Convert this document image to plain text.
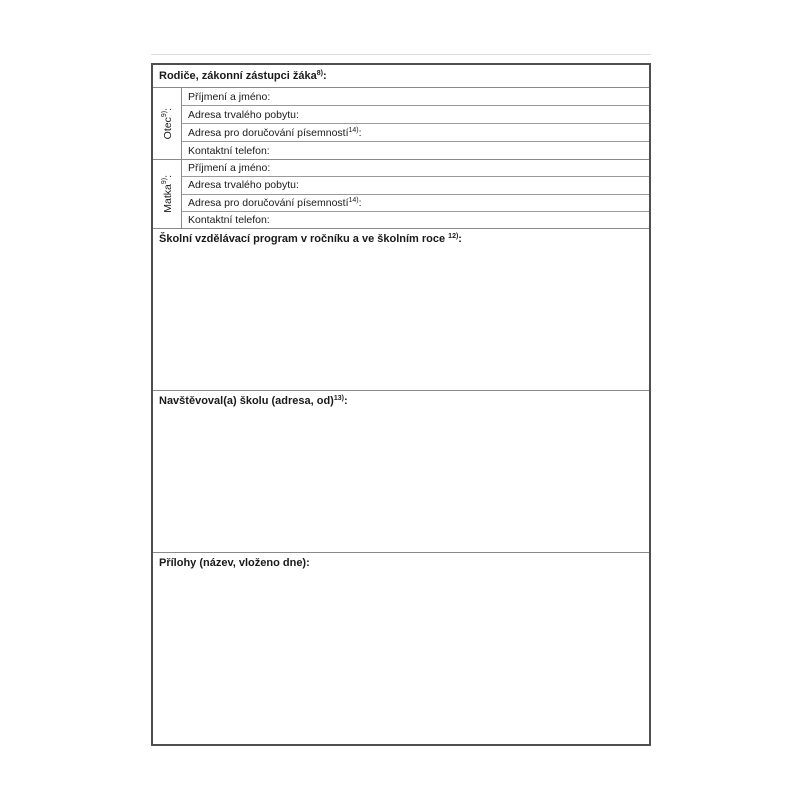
Rodiče, zákonní zástupci žáka$^{8)}$:
Otec$^{9)}$:
Příjmení a jméno:
Adresa trvalého pobytu:
Adresa pro doručování písemností$^{14)}$:
Kontaktní telefon:
Matka$^{9)}$:
Příjmení a jméno:
Adresa trvalého pobytu:
Adresa pro doručování písemností$^{14)}$:
Kontaktní telefon:
Školní vzdělávací program v ročníku a ve školním roce $^{12)}$:
Navštěvoval(a) školu (adresa, od)$^{13)}$:
Přílohy (název, vloženo dne):
